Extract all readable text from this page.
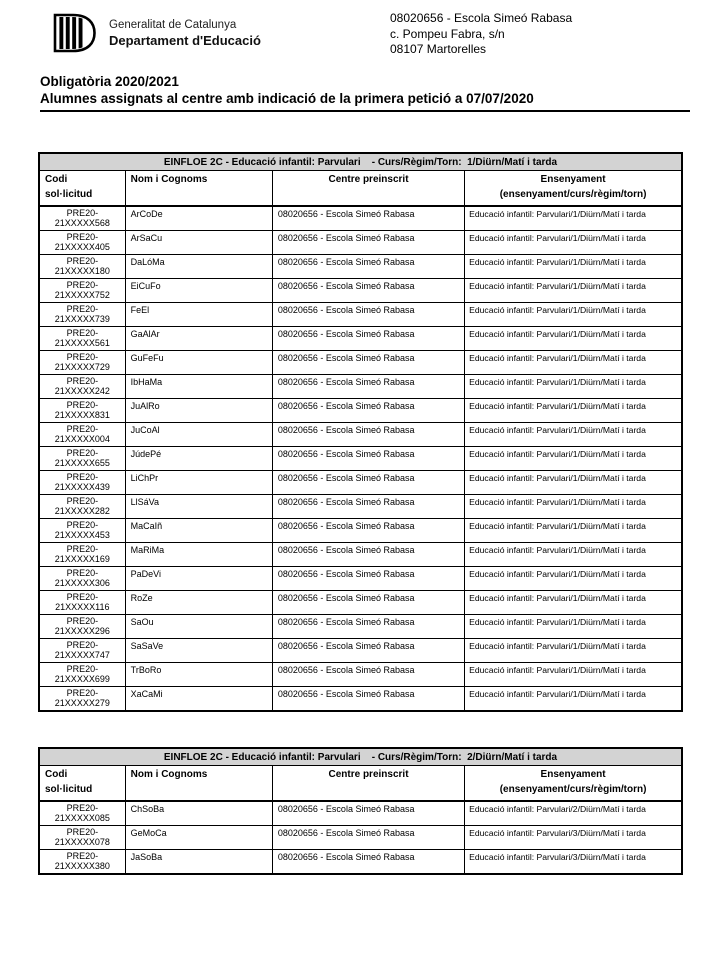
Generalitat de Catalunya
Departament d'Educació
08020656 - Escola Simeó Rabasa
c. Pompeu Fabra, s/n
08107 Martorelles
Obligatòria 2020/2021
Alumnes assignats al centre amb indicació de la primera petició a 07/07/2020
EINFLOE 2C - Educació infantil: Parvulari    - Curs/Règim/Torn:  1/Diürn/Matí i tarda			

Codi
sol·licitud

Nom i Cognoms	Centre preinscrit	Ensenyament
(ensenyament/curs/règim/torn)

PRE20-
21XXXXX568	ArCoDe	08020656 - Escola Simeó Rabasa	Educació infantil: Parvulari/1/Diürn/Matí i tarda

PRE20-
21XXXXX405	ArSaCu	08020656 - Escola Simeó Rabasa	Educació infantil: Parvulari/1/Diürn/Matí i tarda

PRE20-
21XXXXX180	DaLóMa	08020656 - Escola Simeó Rabasa	Educació infantil: Parvulari/1/Diürn/Matí i tarda

PRE20-
21XXXXX752	EiCuFo	08020656 - Escola Simeó Rabasa	Educació infantil: Parvulari/1/Diürn/Matí i tarda

PRE20-
21XXXXX739	FeEl	08020656 - Escola Simeó Rabasa	Educació infantil: Parvulari/1/Diürn/Matí i tarda

PRE20-
21XXXXX561	GaAlAr	08020656 - Escola Simeó Rabasa	Educació infantil: Parvulari/1/Diürn/Matí i tarda

PRE20-
21XXXXX729	GuFeFu	08020656 - Escola Simeó Rabasa	Educació infantil: Parvulari/1/Diürn/Matí i tarda

PRE20-
21XXXXX242	IbHaMa	08020656 - Escola Simeó Rabasa	Educació infantil: Parvulari/1/Diürn/Matí i tarda

PRE20-
21XXXXX831	JuAlRo	08020656 - Escola Simeó Rabasa	Educació infantil: Parvulari/1/Diürn/Matí i tarda

PRE20-
21XXXXX004	JuCoAl	08020656 - Escola Simeó Rabasa	Educació infantil: Parvulari/1/Diürn/Matí i tarda

PRE20-
21XXXXX655	JúdePé	08020656 - Escola Simeó Rabasa	Educació infantil: Parvulari/1/Diürn/Matí i tarda

PRE20-
21XXXXX439	LiChPr	08020656 - Escola Simeó Rabasa	Educació infantil: Parvulari/1/Diürn/Matí i tarda

PRE20-
21XXXXX282	LlSáVa	08020656 - Escola Simeó Rabasa	Educació infantil: Parvulari/1/Diürn/Matí i tarda

PRE20-
21XXXXX453	MaCaIñ	08020656 - Escola Simeó Rabasa	Educació infantil: Parvulari/1/Diürn/Matí i tarda

PRE20-
21XXXXX169	MaRiMa	08020656 - Escola Simeó Rabasa	Educació infantil: Parvulari/1/Diürn/Matí i tarda

PRE20-
21XXXXX306	PaDeVi	08020656 - Escola Simeó Rabasa	Educació infantil: Parvulari/1/Diürn/Matí i tarda

PRE20-
21XXXXX116	RoZe	08020656 - Escola Simeó Rabasa	Educació infantil: Parvulari/1/Diürn/Matí i tarda

PRE20-
21XXXXX296	SaOu	08020656 - Escola Simeó Rabasa	Educació infantil: Parvulari/1/Diürn/Matí i tarda

PRE20-
21XXXXX747	SaSaVe	08020656 - Escola Simeó Rabasa	Educació infantil: Parvulari/1/Diürn/Matí i tarda

PRE20-
21XXXXX699	TrBoRo	08020656 - Escola Simeó Rabasa	Educació infantil: Parvulari/1/Diürn/Matí i tarda

PRE20-
21XXXXX279	XaCaMi	08020656 - Escola Simeó Rabasa	Educació infantil: Parvulari/1/Diürn/Matí i tarda
EINFLOE 2C - Educació infantil: Parvulari    - Curs/Règim/Torn:  2/Diürn/Matí i tarda			

Codi
sol·licitud

Nom i Cognoms	Centre preinscrit	Ensenyament
(ensenyament/curs/règim/torn)

PRE20-
21XXXXX085	ChSoBa	08020656 - Escola Simeó Rabasa	Educació infantil: Parvulari/2/Diürn/Matí i tarda

PRE20-
21XXXXX078	GeMoCa	08020656 - Escola Simeó Rabasa	Educació infantil: Parvulari/3/Diürn/Matí i tarda

PRE20-
21XXXXX380	JaSoBa	08020656 - Escola Simeó Rabasa	Educació infantil: Parvulari/3/Diürn/Matí i tarda
